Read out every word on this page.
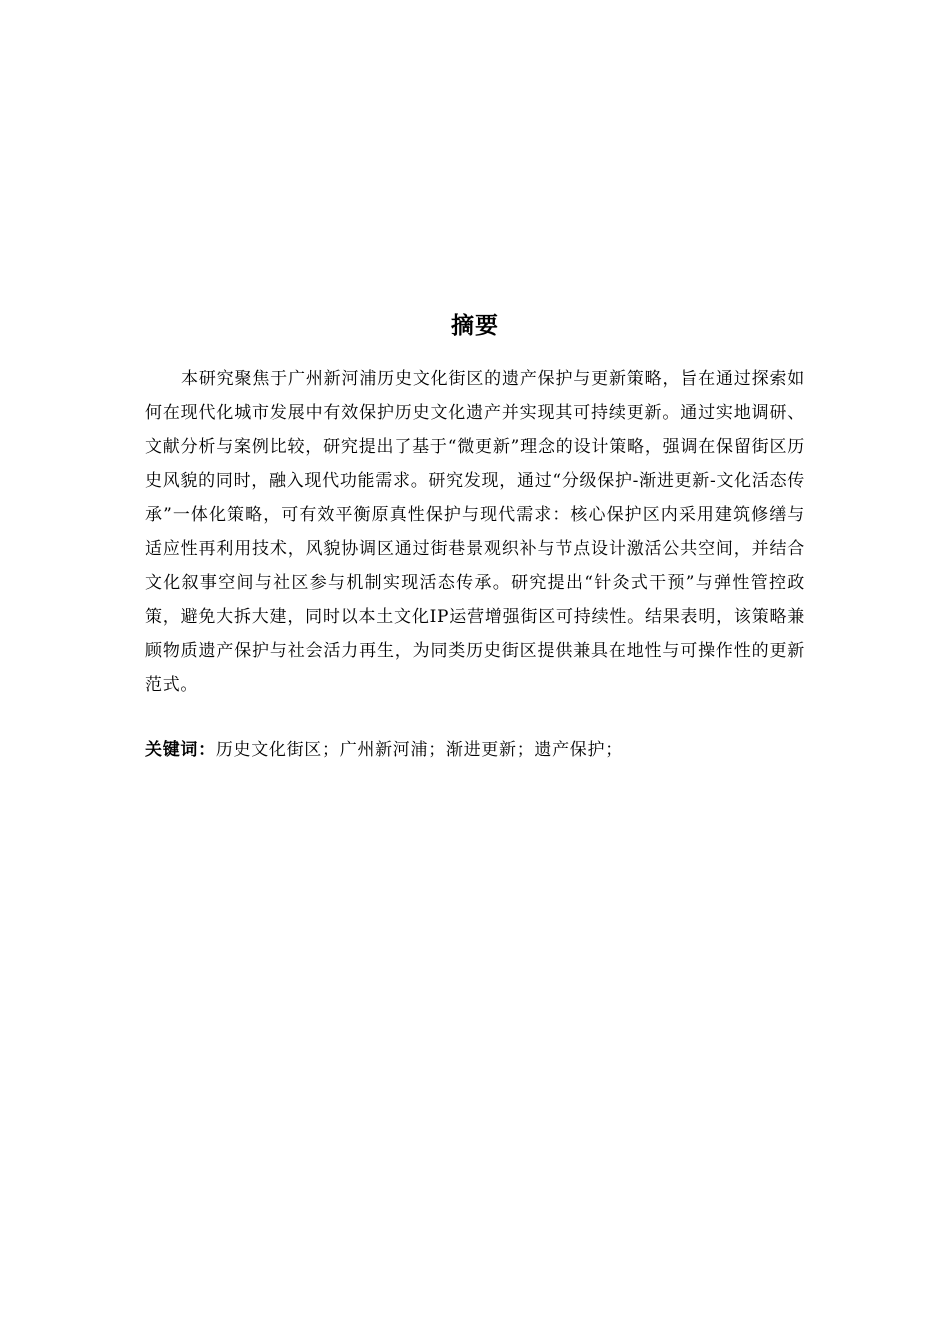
摘要

本研究聚焦于广州新河浦历史文化街区的遗产保护与更新策略，旨在通过探索如何在现代化城市发展中有效保护历史文化遗产并实现其可持续更新。通过实地调研、文献分析与案例比较，研究提出了基于“微更新”理念的设计策略，强调在保留街区历史风貌的同时，融入现代功能需求。研究发现，通过“分级保护-渐进更新-文化活态传承”一体化策略，可有效平衡原真性保护与现代需求：核心保护区内采用建筑修缮与适应性再利用技术，风貌协调区通过街巷景观织补与节点设计激活公共空间，并结合文化叙事空间与社区参与机制实现活态传承。研究提出“针灸式干预”与弹性管控政策，避免大拆大建，同时以本土文化IP运营增强街区可持续性。结果表明，该策略兼顾物质遗产保护与社会活力再生，为同类历史街区提供兼具在地性与可操作性的更新范式。

关键词：历史文化街区；广州新河浦；渐进更新；遗产保护；
